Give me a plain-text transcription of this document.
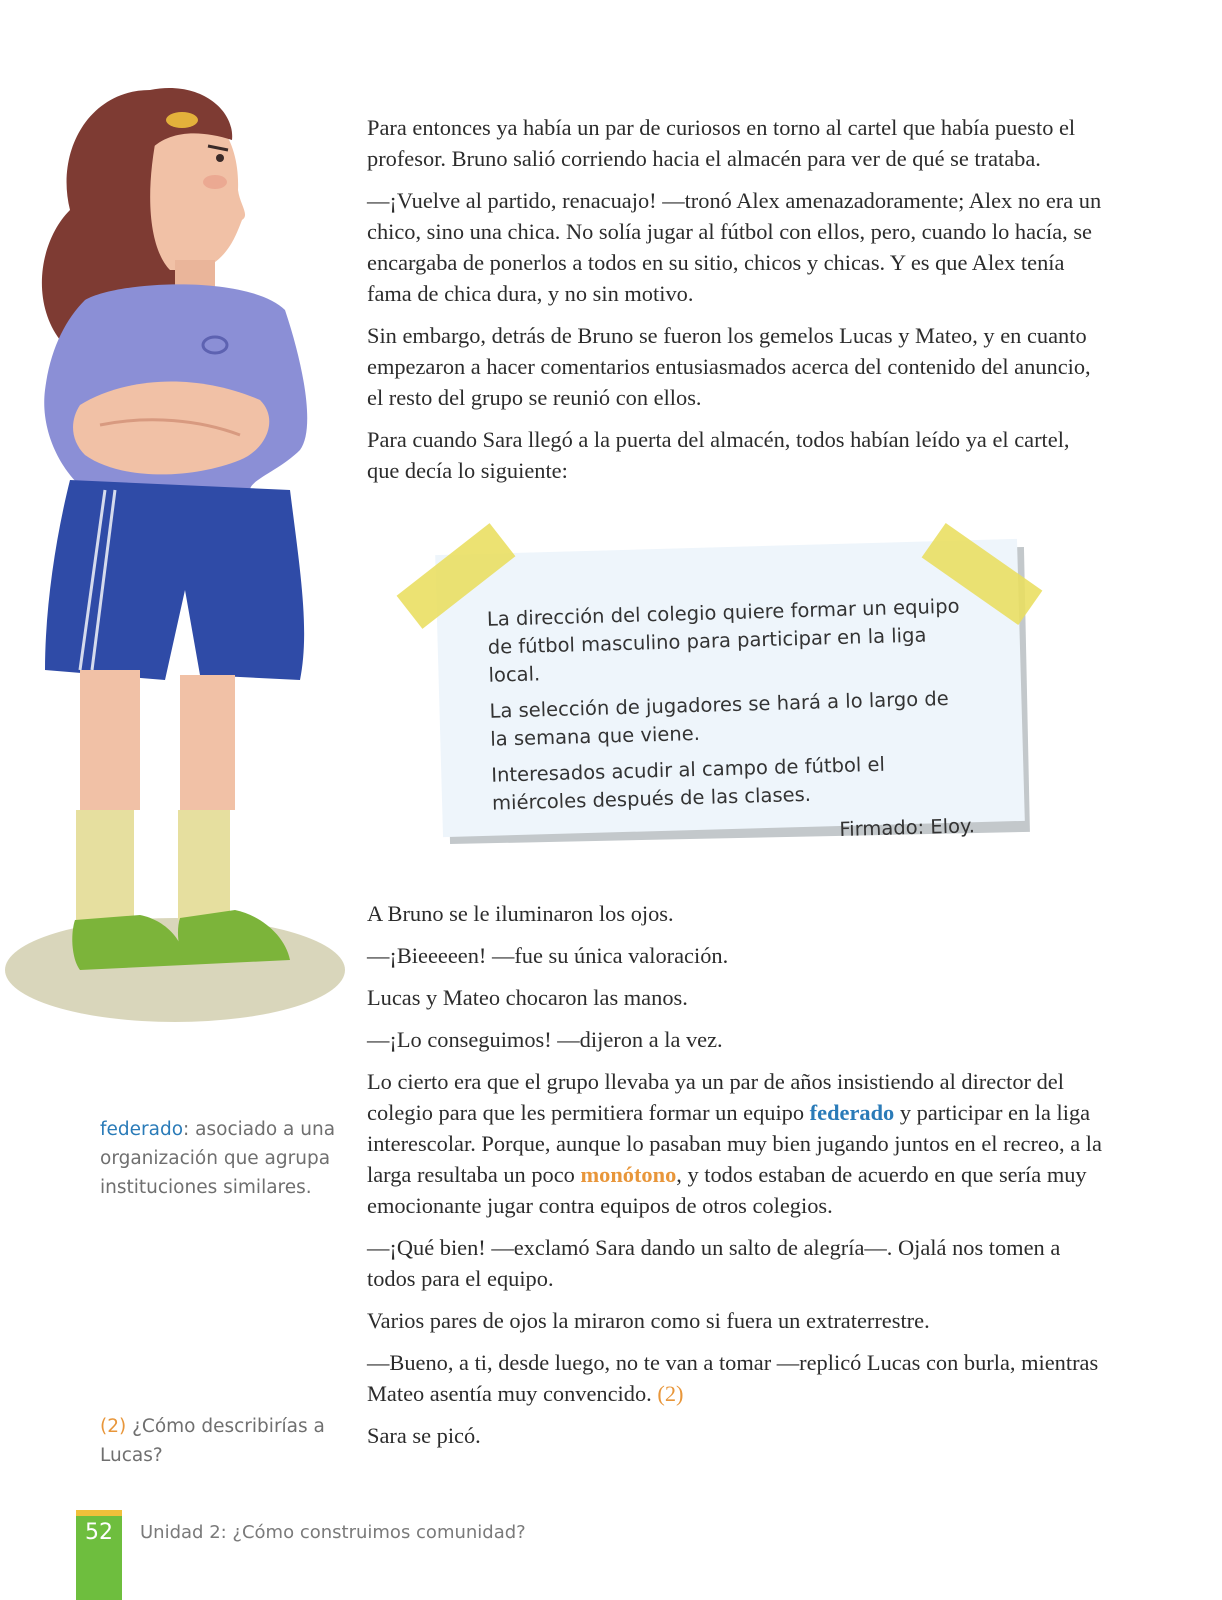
Para entonces ya había un par de curiosos en torno al cartel que había puesto el profesor. Bruno salió corriendo hacia el almacén para ver de qué se trataba.

—¡Vuelve al partido, renacuajo! —tronó Alex amenazadoramente; Alex no era un chico, sino una chica. No solía jugar al fútbol con ellos, pero, cuando lo hacía, se encargaba de ponerlos a todos en su sitio, chicos y chicas. Y es que Alex tenía fama de chica dura, y no sin motivo.

Sin embargo, detrás de Bruno se fueron los gemelos Lucas y Mateo, y en cuanto empezaron a hacer comentarios entusiasmados acerca del contenido del anuncio, el resto del grupo se reunió con ellos.

Para cuando Sara llegó a la puerta del almacén, todos habían leído ya el cartel, que decía lo siguiente:

La dirección del colegio quiere formar un equipo de fútbol masculino para participar en la liga local.

La selección de jugadores se hará a lo largo de la semana que viene.

Interesados acudir al campo de fútbol el miércoles después de las clases.

Firmado: Eloy.

A Bruno se le iluminaron los ojos.

—¡Bieeeeen! —fue su única valoración.

Lucas y Mateo chocaron las manos.

—¡Lo conseguimos! —dijeron a la vez.

Lo cierto era que el grupo llevaba ya un par de años insistiendo al director del colegio para que les permitiera formar un equipo federado y participar en la liga interescolar. Porque, aunque lo pasaban muy bien jugando juntos en el recreo, a la larga resultaba un poco monótono, y todos estaban de acuerdo en que sería muy emocionante jugar contra equipos de otros colegios.

—¡Qué bien! —exclamó Sara dando un salto de alegría—. Ojalá nos tomen a todos para el equipo.

Varios pares de ojos la miraron como si fuera un extraterrestre.

—Bueno, a ti, desde luego, no te van a tomar —replicó Lucas con burla, mientras Mateo asentía muy convencido. (2)

Sara se picó.

federado: asociado a una organización que agrupa instituciones similares.
(2) ¿Cómo describirías a Lucas?
52	Unidad 2: ¿Cómo construimos comunidad?
